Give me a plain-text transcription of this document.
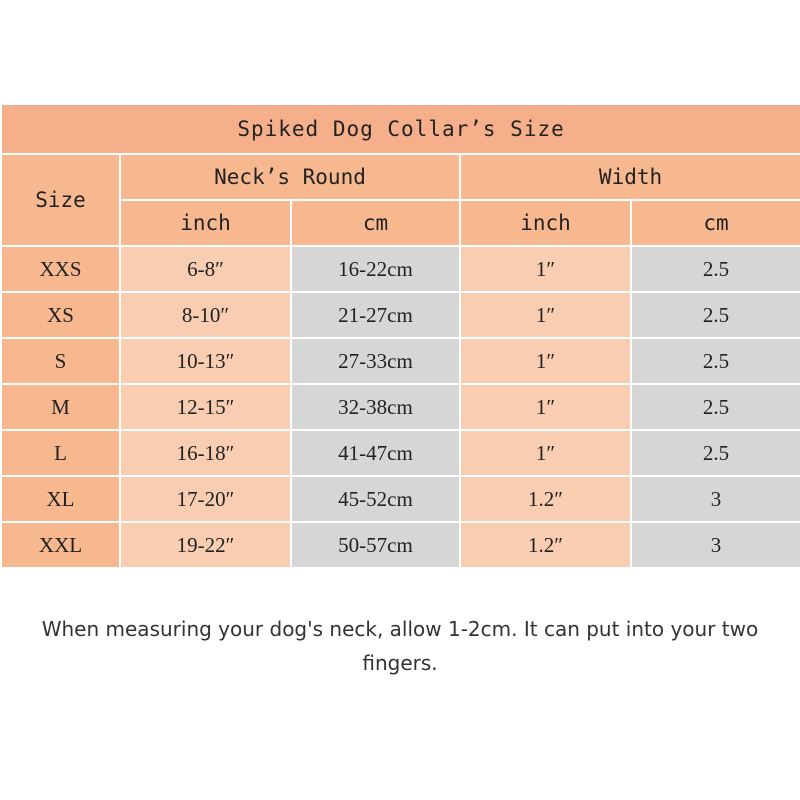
Spiked Dog Collar’s Size				
Size	Neck’s Round		Width	
	inch	cm	inch	cm
XXS	6-8″	16-22cm	1″	2.5
XS	8-10″	21-27cm	1″	2.5
S	10-13″	27-33cm	1″	2.5
M	12-15″	32-38cm	1″	2.5
L	16-18″	41-47cm	1″	2.5
XL	17-20″	45-52cm	1.2″	3
XXL	19-22″	50-57cm	1.2″	3
When measuring your dog's neck, allow 1-2cm. It can put into your two fingers.
